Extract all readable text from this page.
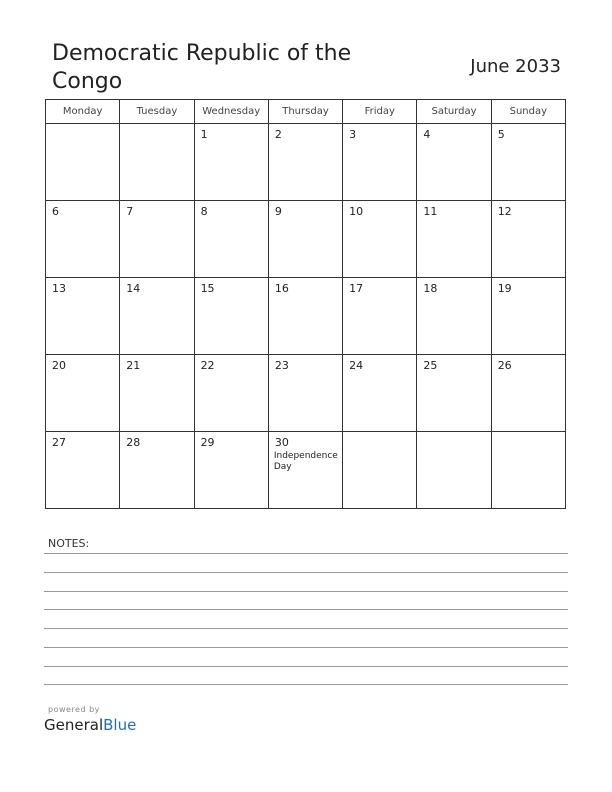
Democratic Republic of the Congo
June 2033
Monday	Tuesday	Wednesday	Thursday	Friday	Saturday	Sunday

		1	2	3	4	5

6	7	8	9	10	11	12

13	14	15	16	17	18	19

20	21	22	23	24	25	26

27	28	29	30
Independence Day			

NOTES:
powered by
GeneralBlue
